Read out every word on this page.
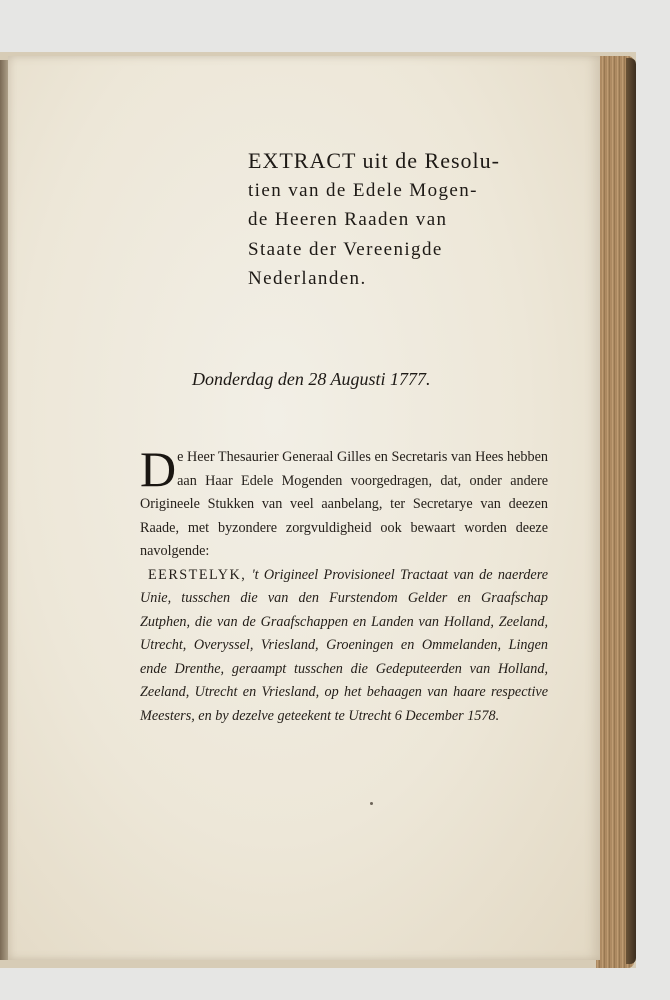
EXTRACT uit de Resolu-
tien van de Edele Mogen-
de Heeren Raaden van
Staate der Vereenigde
Nederlanden.
Donderdag den 28 Augusti 1777.

De Heer Thesaurier Generaal Gilles en Secretaris van Hees hebben aan Haar Edele Mogenden voorgedragen, dat, onder andere Origineele Stukken van veel aanbelang, ter Secretarye van deezen Raade, met byzondere zorgvuldigheid ook bewaart worden deeze navolgende:

EERSTELYK, 't Origineel Provisioneel Tractaat van de naerdere Unie, tusschen die van den Furstendom Gelder en Graafschap Zutphen, die van de Graafschappen en Landen van Holland, Zeeland, Utrecht, Overyssel, Vriesland, Groeningen en Ommelanden, Lingen ende Drenthe, geraampt tusschen die Gedeputeerden van Holland, Zeeland, Utrecht en Vriesland, op het behaagen van haare respective Meesters, en by dezelve geteekent te Utrecht 6 December 1578.
